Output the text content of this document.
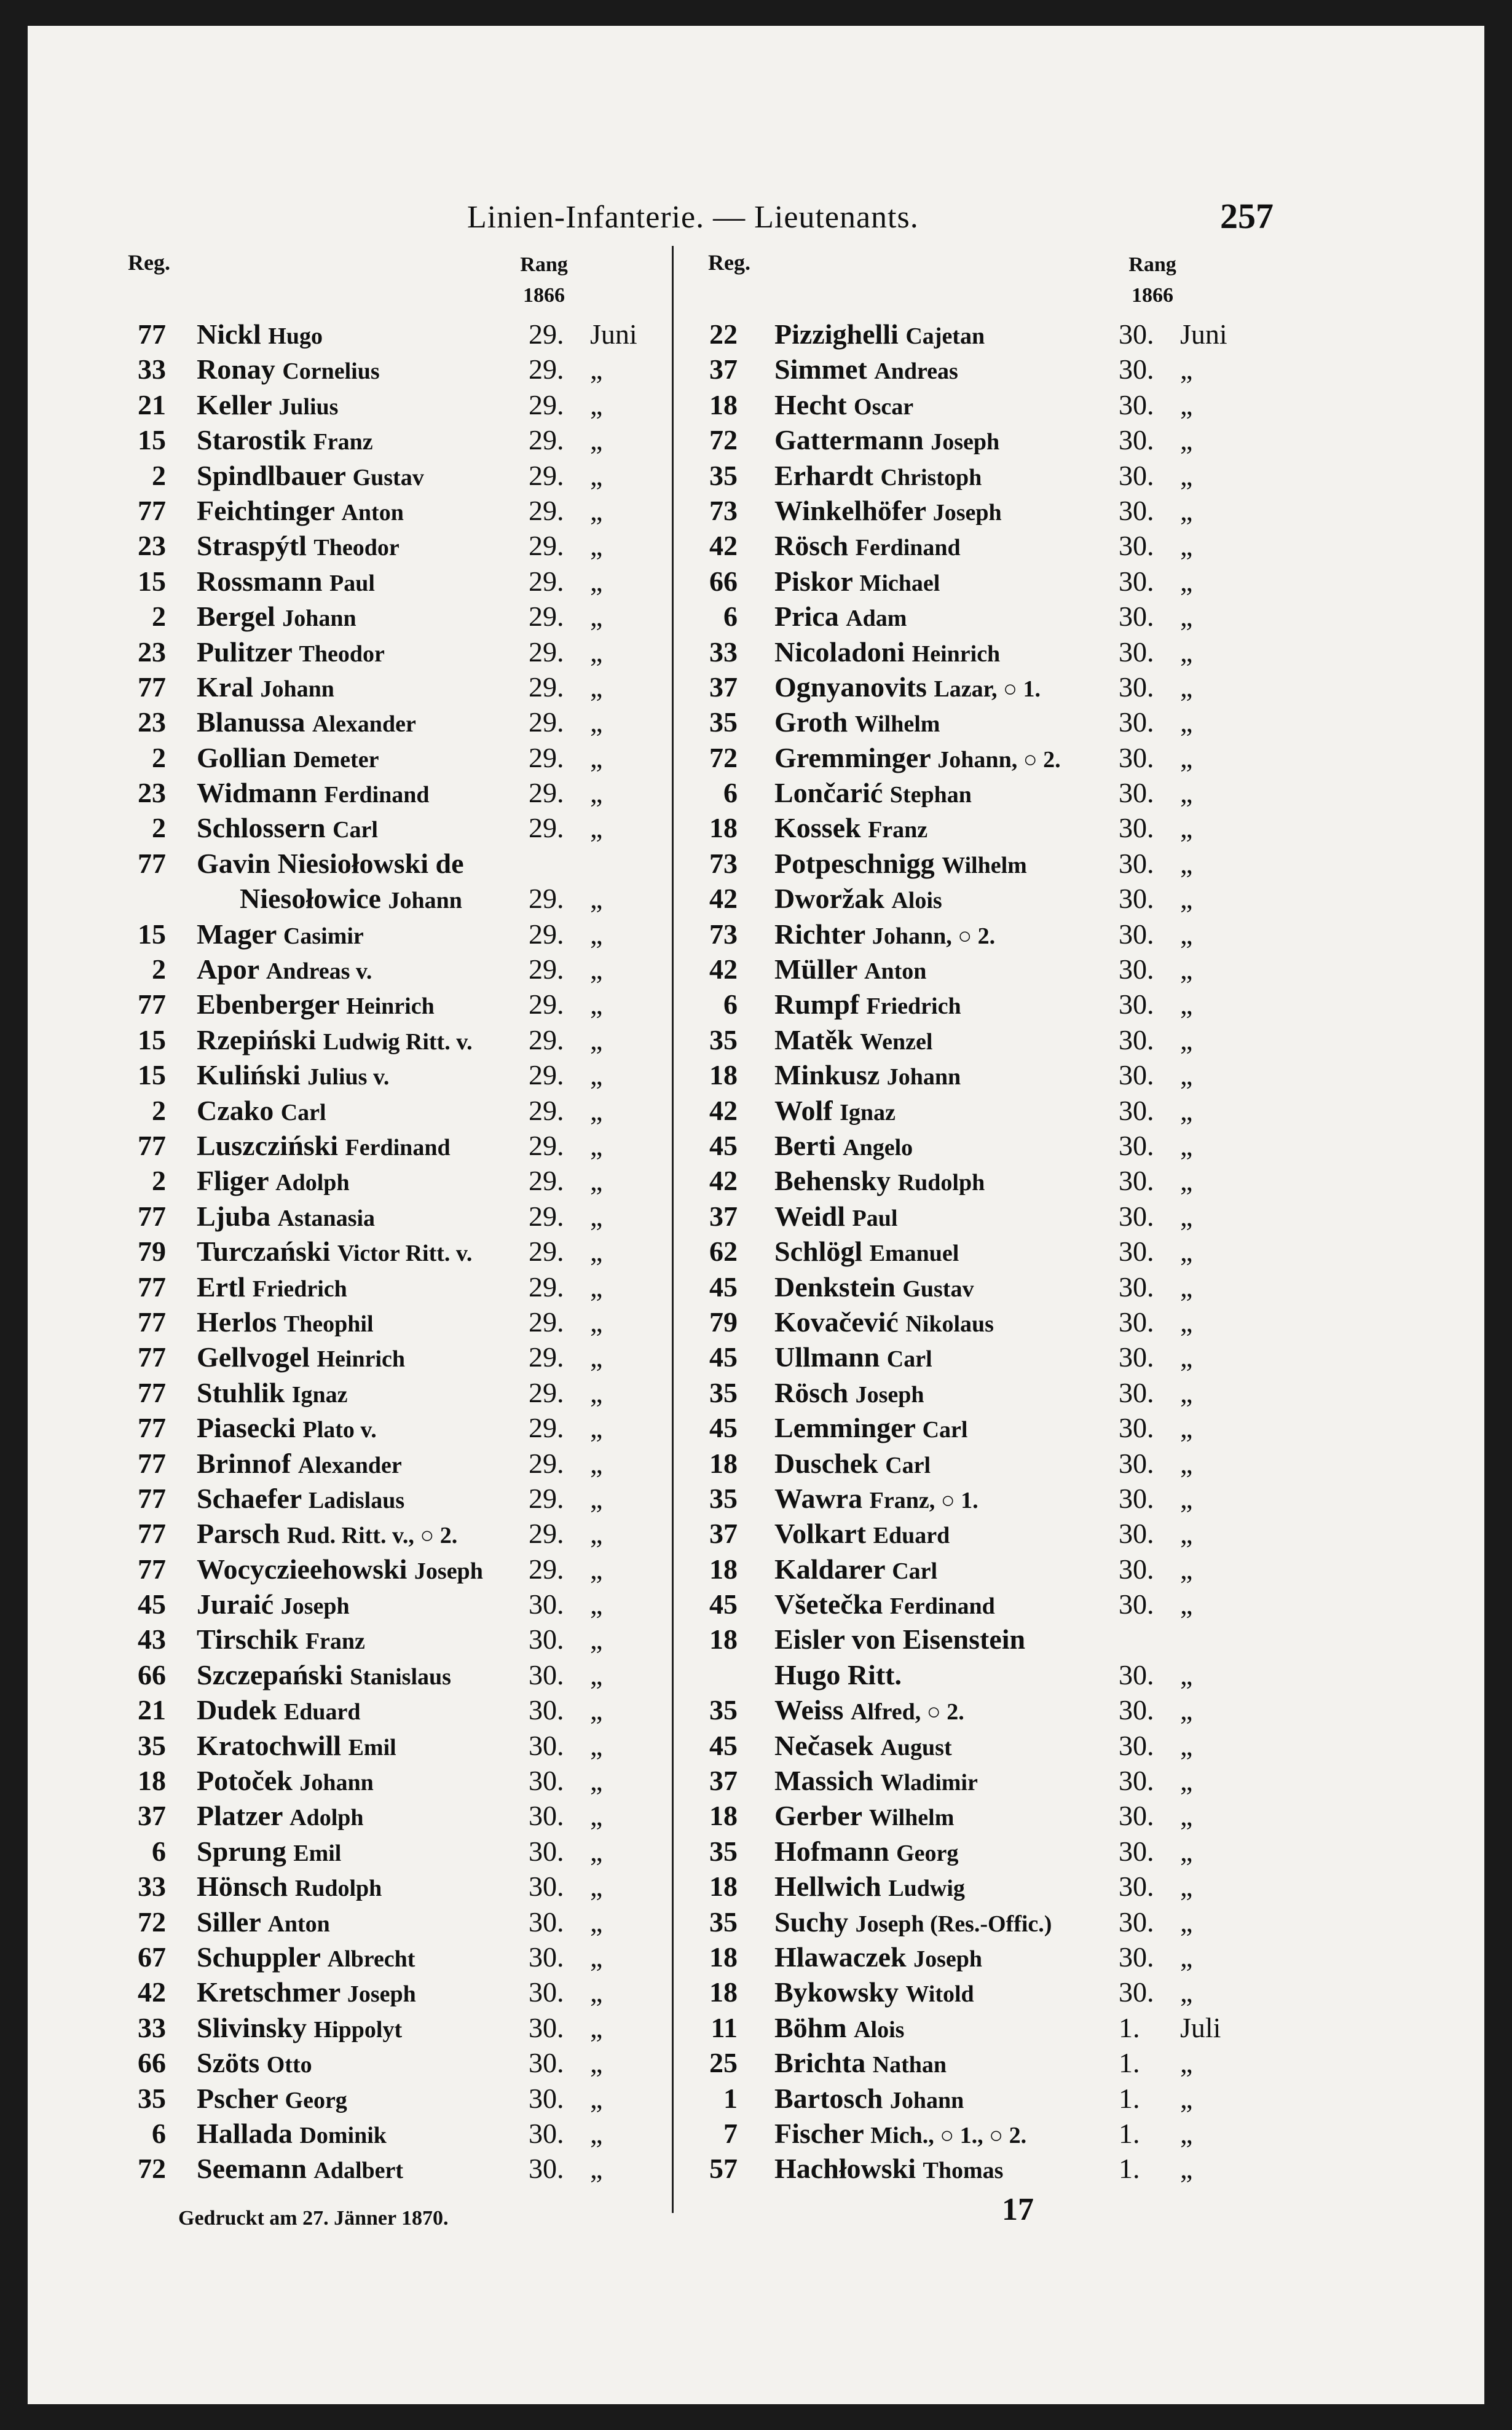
Linien-Infanterie. — Lieutenants.	257
Reg.	Rang
1866
77 Nickl Hugo	29. Juni
33 Ronay Cornelius	29. „
21 Keller Julius	29. „
15 Starostik Franz	29. „
2 Spindlbauer Gustav	29. „
77 Feichtinger Anton	29. „
23 Straspýtl Theodor	29. „
15 Rossmann Paul	29. „
2 Bergel Johann	29. „
23 Pulitzer Theodor	29. „
77 Kral Johann	29. „
23 Blanussa Alexander	29. „
2 Gollian Demeter	29. „
23 Widmann Ferdinand	29. „
2 Schlossern Carl	29. „
77 Gavin Niesiołowski de
Niesołowice Johann 29. „
15 Mager Casimir	29. „
2 Apor Andreas v.	29. „
77 Ebenberger Heinrich	29. „
15 Rzepiński Ludwig Ritt. v. 29. „
15 Kuliński Julius v.	29. „
2 Czako Carl	29. „
77 Luszcziński Ferdinand	29. „
2 Fliger Adolph	29. „
77 Ljuba Astanasia	29. „
79 Turczański Victor Ritt. v. 29. „
77 Ertl Friedrich	29. „
77 Herlos Theophil	29. „
77 Gellvogel Heinrich	29. „
77 Stuhlik Ignaz	29. „
77 Piasecki Plato v.	29. „
77 Brinnof Alexander	29. „
77 Schaefer Ladislaus	29. „
77 Parsch Rud. Ritt. v., ○ 2.	29. „
77 Wocyczieehowski Joseph 29. „
45 Juraić Joseph	30. „
43 Tirschik Franz	30. „
66 Szczepański Stanislaus	30. „
21 Dudek Eduard	30. „
35 Kratochwill Emil	30. „
18 Potoček Johann	30. „
37 Platzer Adolph	30. „
6 Sprung Emil	30. „
33 Hönsch Rudolph	30. „
72 Siller Anton	30. „
67 Schuppler Albrecht	30. „
42 Kretschmer Joseph	30. „
33 Slivinsky Hippolyt	30. „
66 Szöts Otto	30. „
35 Pscher Georg	30. „
6 Hallada Dominik	30. „
72 Seemann Adalbert	30. „
Reg.	Rang
1866
22 Pizzighelli Cajetan	30. Juni
37 Simmet Andreas	30. „
18 Hecht Oscar	30. „
72 Gattermann Joseph	30. „
35 Erhardt Christoph	30. „
73 Winkelhöfer Joseph	30. „
42 Rösch Ferdinand	30. „
66 Piskor Michael	30. „
6 Prica Adam	30. „
33 Nicoladoni Heinrich	30. „
37 Ognyanovits Lazar, ○ 1.	30. „
35 Groth Wilhelm	30. „
72 Gremminger Johann, ○ 2. 30. „
6 Lončarić Stephan	30. „
18 Kossek Franz	30. „
73 Potpeschnigg Wilhelm	30. „
42 Dworžak Alois	30. „
73 Richter Johann, ○ 2.	30. „
42 Müller Anton	30. „
6 Rumpf Friedrich	30. „
35 Matěk Wenzel	30. „
18 Minkusz Johann	30. „
42 Wolf Ignaz	30. „
45 Berti Angelo	30. „
42 Behensky Rudolph	30. „
37 Weidl Paul	30. „
62 Schlögl Emanuel	30. „
45 Denkstein Gustav	30. „
79 Kovačević Nikolaus	30. „
45 Ullmann Carl	30. „
35 Rösch Joseph	30. „
45 Lemminger Carl	30. „
18 Duschek Carl	30. „
35 Wawra Franz, ○ 1.	30. „
37 Volkart Eduard	30. „
18 Kaldarer Carl	30. „
45 Všetečka Ferdinand	30. „
18 Eisler von Eisenstein
Hugo Ritt.	30. „
35 Weiss Alfred, ○ 2.	30. „
45 Nečasek August	30. „
37 Massich Wladimir	30. „
18 Gerber Wilhelm	30. „
35 Hofmann Georg	30. „
18 Hellwich Ludwig	30. „
35 Suchy Joseph (Res.-Offic.) 30. „
18 Hlawaczek Joseph	30. „
18 Bykowsky Witold	30. „
11 Böhm Alois	1. Juli
25 Brichta Nathan	1. „
1 Bartosch Johann	1. „
7 Fischer Mich., ○ 1., ○ 2.	1. „
57 Hachłowski Thomas	1. „
Gedruckt am 27. Jänner 1870.	17
